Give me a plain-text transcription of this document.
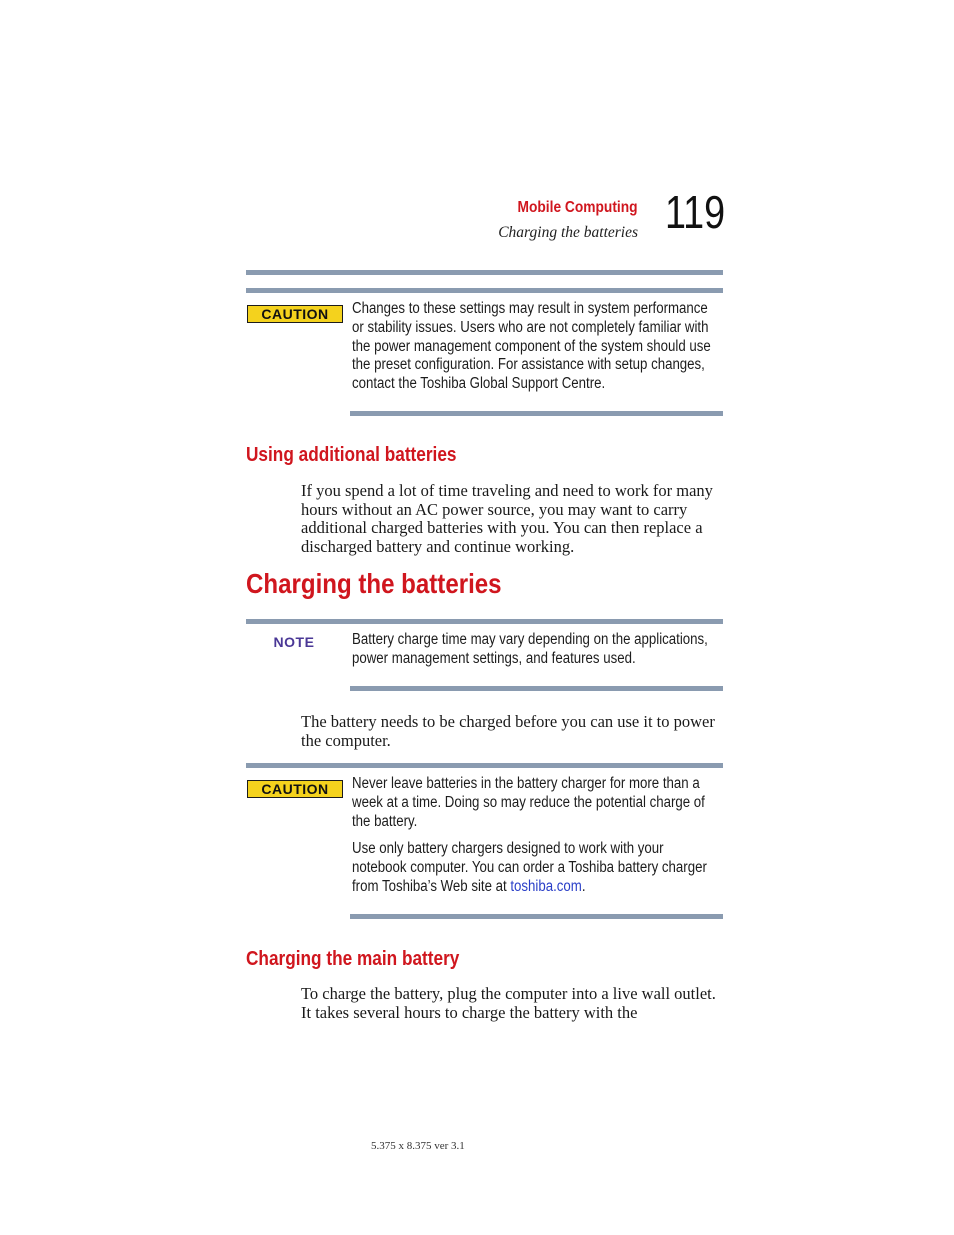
Mobile Computing
Charging the batteries 119
CAUTION	Changes to these settings may result in system performance or stability issues. Users who are not completely familiar with the power management component of the system should use the preset configuration. For assistance with setup changes, contact the Toshiba Global Support Centre.

Using additional batteries
If you spend a lot of time traveling and need to work for many hours without an AC power source, you may want to carry additional charged batteries with you. You can then replace a discharged battery and continue working.
Charging the batteries
NOTE	Battery charge time may vary depending on the applications, power management settings, and features used.

The battery needs to be charged before you can use it to power the computer.
CAUTION	Never leave batteries in the battery charger for more than a week at a time. Doing so may reduce the potential charge of the battery.

Use only battery chargers designed to work with your notebook computer. You can order a Toshiba battery charger from Toshiba’s Web site at toshiba.com.

Charging the main battery
To charge the battery, plug the computer into a live wall outlet. It takes several hours to charge the battery with the
5.375 x 8.375 ver 3.1
